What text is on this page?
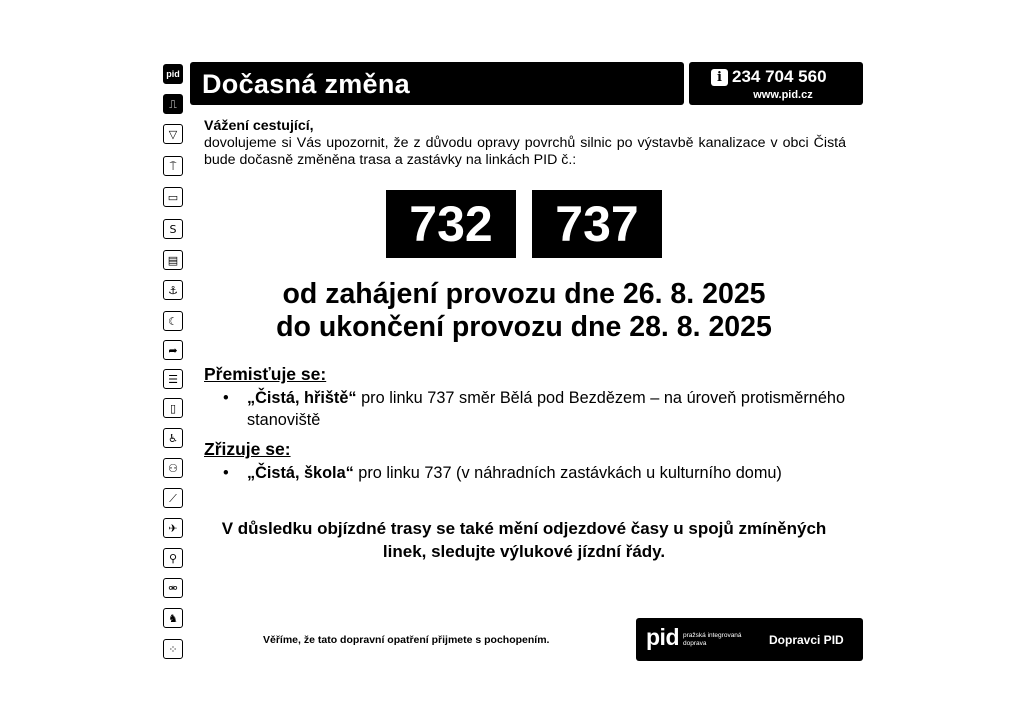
pid
⎍
▽
⍑
▭
S
▤
⚓
☾
➦
☰
▯
♿
⚇
⟋
✈
⚲
⚮
♞
⁘
Dočasná změna	i 234 704 560
www.pid.cz
Vážení cestující,
dovolujeme si Vás upozornit, že z důvodu opravy povrchů silnic po výstavbě kanalizace v obci Čistá bude dočasně změněna trasa a zastávky na linkách PID č.:
732	737
od zahájení provozu dne 26. 8. 2025
do ukončení provozu dne 28. 8. 2025
Přemisťuje se:
• „Čistá, hřiště“ pro linku 737 směr Bělá pod Bezdězem – na úroveň protisměrného stanoviště
Zřizuje se:
• „Čistá, škola“ pro linku 737 (v náhradních zastávkách u kulturního domu)
V důsledku objízdné trasy se také mění odjezdové časy u spojů zmíněných linek, sledujte výlukové jízdní řády.
Věříme, že tato dopravní opatření přijmete s pochopením.	pid pražská integrovaná doprava	Dopravci PID
